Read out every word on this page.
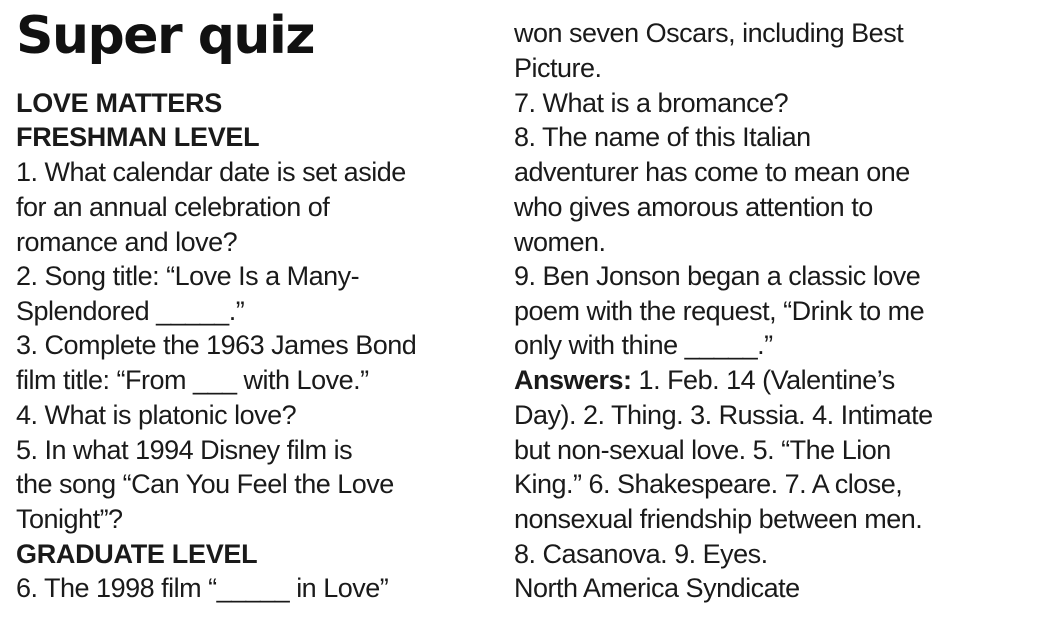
Super quiz
LOVE MATTERS
FRESHMAN LEVEL
1. What calendar date is set aside
for an annual celebration of
romance and love?
2. Song title: “Love Is a Many-
Splendored _____.”
3. Complete the 1963 James Bond
film title: “From ___ with Love.”
4. What is platonic love?
5. In what 1994 Disney film is
the song “Can You Feel the Love
Tonight”?
GRADUATE LEVEL
6. The 1998 film “_____ in Love”
won seven Oscars, including Best
Picture.
7. What is a bromance?
8. The name of this Italian
adventurer has come to mean one
who gives amorous attention to
women.
9. Ben Jonson began a classic love
poem with the request, “Drink to me
only with thine _____.”
Answers: 1. Feb. 14 (Valentine’s
Day). 2. Thing. 3. Russia. 4. Intimate
but non-sexual love. 5. “The Lion
King.” 6. Shakespeare. 7. A close,
nonsexual friendship between men.
8. Casanova. 9. Eyes.
North America Syndicate
